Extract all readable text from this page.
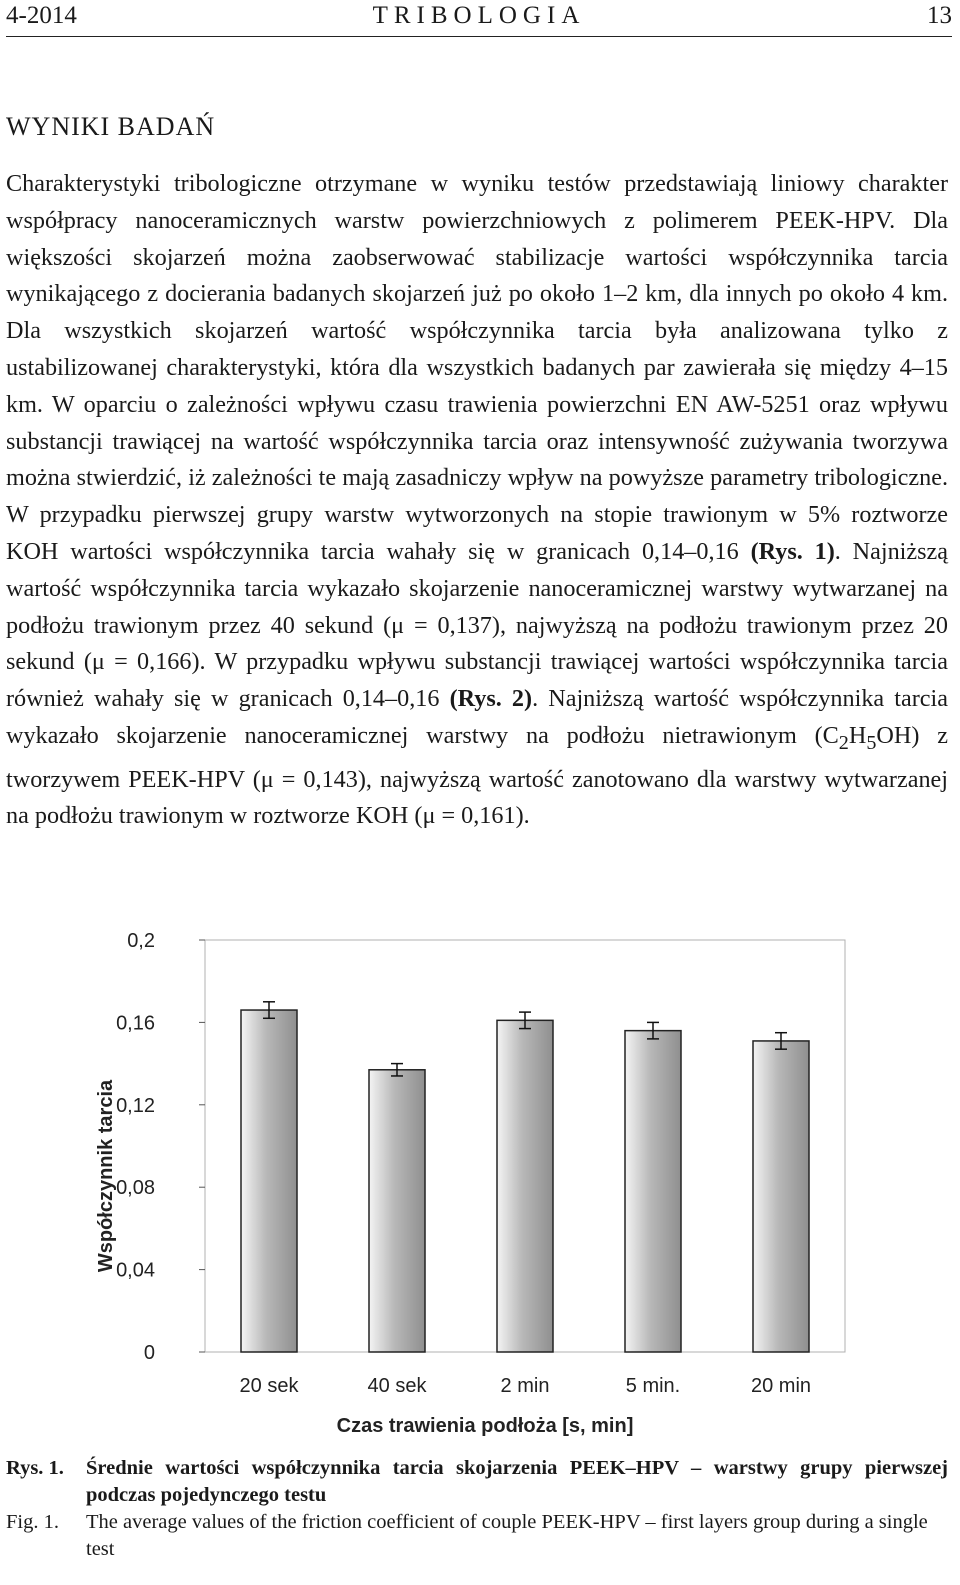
4-2014	TRIBOLOGIA	13
WYNIKI BADAŃ

Charakterystyki tribologiczne otrzymane w wyniku testów przedstawiają liniowy charakter współpracy nanoceramicznych warstw powierzchniowych z polimerem PEEK-HPV. Dla większości skojarzeń można zaobserwować stabilizacje wartości współczynnika tarcia wynikającego z docierania badanych skojarzeń już po około 1–2 km, dla innych po około 4 km. Dla wszystkich skojarzeń wartość współczynnika tarcia była analizowana tylko z ustabilizowanej charakterystyki, która dla wszystkich badanych par zawierała się między 4–15 km. W oparciu o zależności wpływu czasu trawienia powierzchni EN AW-5251 oraz wpływu substancji trawiącej na wartość współczynnika tarcia oraz intensywność zużywania tworzywa można stwierdzić, iż zależności te mają zasadniczy wpływ na powyższe parametry tribologiczne. W przypadku pierwszej grupy warstw wytworzonych na stopie trawionym w 5% roztworze KOH wartości współczynnika tarcia wahały się w granicach 0,14–0,16 (Rys. 1). Najniższą wartość współczynnika tarcia wykazało skojarzenie nanoceramicznej warstwy wytwarzanej na podłożu trawionym przez 40 sekund (μ = 0,137), najwyższą na podłożu trawionym przez 20 sekund (μ = 0,166). W przypadku wpływu substancji trawiącej wartości współczynnika tarcia również wahały się w granicach 0,14–0,16 (Rys. 2). Najniższą wartość współczynnika tarcia wykazało skojarzenie nanoceramicznej warstwy na podłożu nietrawionym $(C_2H_5OH)$ z tworzywem PEEK-HPV (μ = 0,143), najwyższą wartość zanotowano dla warstwy wytwarzanej na podłożu trawionym w roztworze KOH (μ = 0,161).

0
0,04
0,08
0,12
0,16
0,2
20 sek	40 sek	2 min	5 min.	20 min
Czas trawienia podłoża [s, min]
Współczynnik tarcia
Rys. 1.	Średnie wartości współczynnika tarcia skojarzenia PEEK–HPV – warstwy grupy pierwszej podczas pojedynczego testu
Fig. 1.	The average values of the friction coefficient of couple PEEK-HPV – first layers group during a single test
